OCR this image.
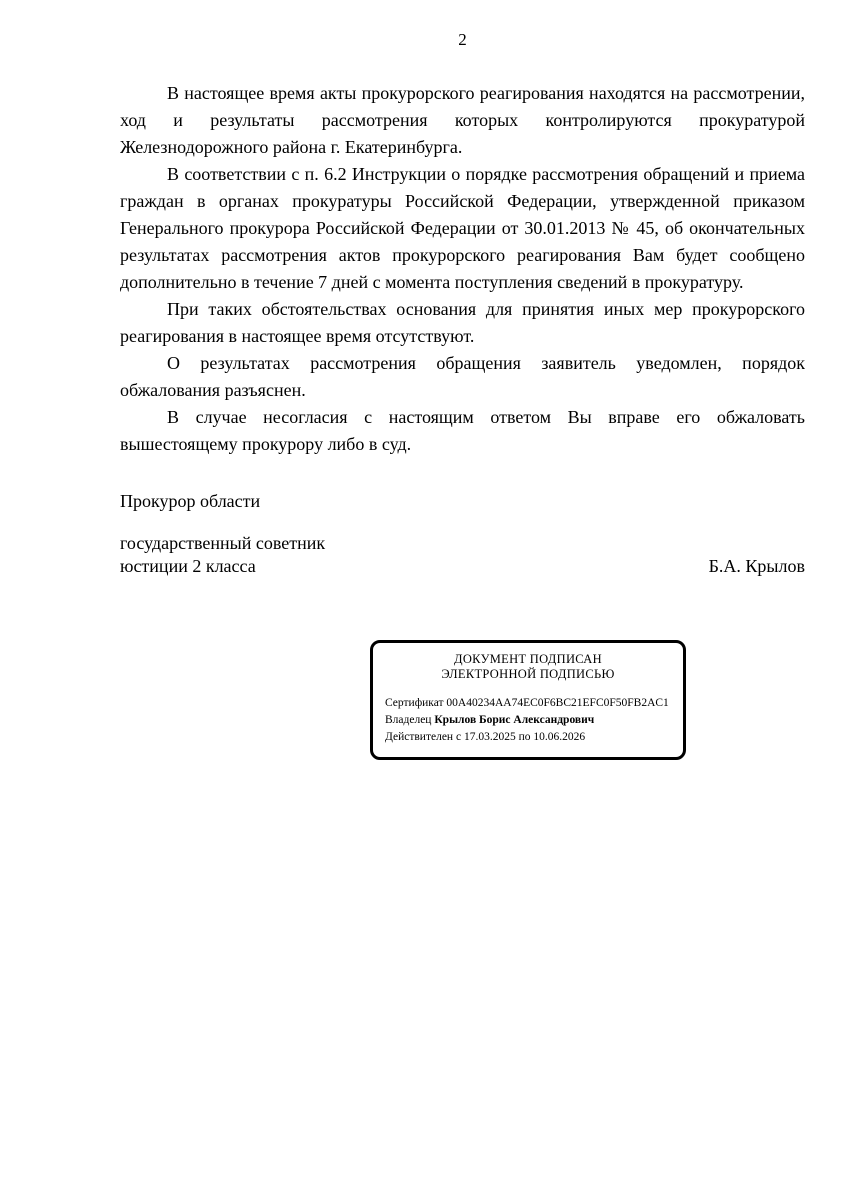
2

В настоящее время акты прокурорского реагирования находятся на рассмотрении, ход и результаты рассмотрения которых контролируются прокуратурой Железнодорожного района г. Екатеринбурга.

В соответствии с п. 6.2 Инструкции о порядке рассмотрения обращений и приема граждан в органах прокуратуры Российской Федерации, утвержденной приказом Генерального прокурора Российской Федерации от 30.01.2013 № 45, об окончательных результатах рассмотрения актов прокурорского реагирования Вам будет сообщено дополнительно в течение 7 дней с момента поступления сведений в прокуратуру.

При таких обстоятельствах основания для принятия иных мер прокурорского реагирования в настоящее время отсутствуют.

О результатах рассмотрения обращения заявитель уведомлен, порядок обжалования разъяснен.

В случае несогласия с настоящим ответом Вы вправе его обжаловать вышестоящему прокурору либо в суд.

Прокурор области
государственный советник
юстиции 2 класса	Б.А. Крылов
ДОКУМЕНТ ПОДПИСАН
ЭЛЕКТРОННОЙ ПОДПИСЬЮ
Сертификат 00A40234AA74EC0F6BC21EFC0F50FB2AC1
Владелец Крылов Борис Александрович
Действителен с 17.03.2025 по 10.06.2026
